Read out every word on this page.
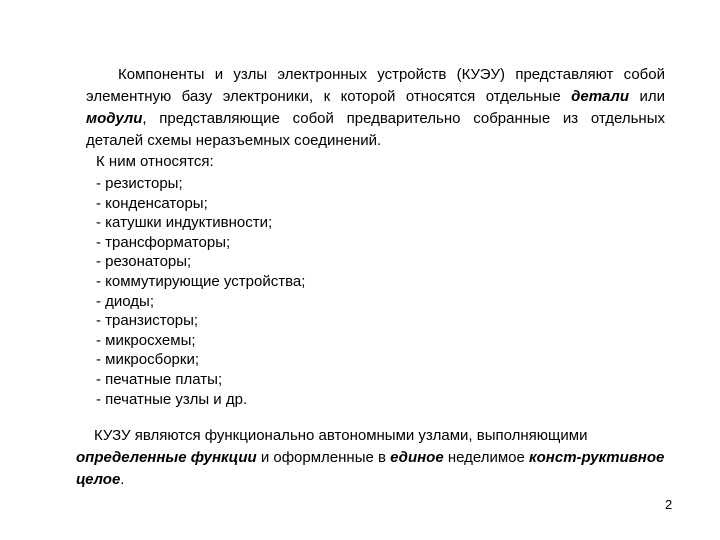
Компоненты и узлы электронных устройств (КУЭУ) представляют собой элементную базу электроники, к которой относятся отдельные детали или модули, представляющие собой предварительно собранные из отдельных деталей схемы неразъемных соединений.

К ним относятся:

- резисторы;
- конденсаторы;
- катушки индуктивности;
- трансформаторы;
- резонаторы;
- коммутирующие устройства;
- диоды;
- транзисторы;
- микросхемы;
- микросборки;
- печатные платы;
- печатные узлы и др.

КУЗУ являются функционально автономными узлами, выполняющими определенные функции и оформленные в единое неделимое конст-руктивное целое.

2
